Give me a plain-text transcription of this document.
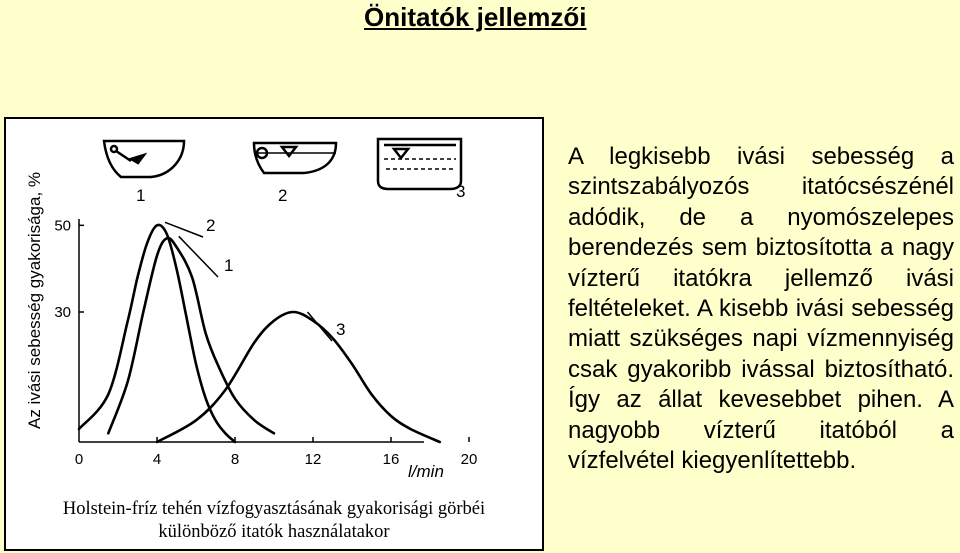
Önitatók jellemzői
1	2	3
Az ivási sebesség gyakorisága, %
l/min
0	4	8	12	16	20
30
50
1
2
3
Holstein-fríz tehén vízfogyasztásának gyakorisági görbéi
különböző itatók használatakor
A legkisebb ivási sebesség a szintszabályozós itatócsészénél adódik, de a nyomószelepes berendezés sem biztosította a nagy vízterű itatókra jellemző ivási feltételeket. A kisebb ivási sebesség miatt szükséges napi vízmennyiség csak gyakoribb ivással biztosítható. Így az állat kevesebbet pihen. A nagyobb vízterű itatóból a vízfelvétel kiegyenlítettebb.
